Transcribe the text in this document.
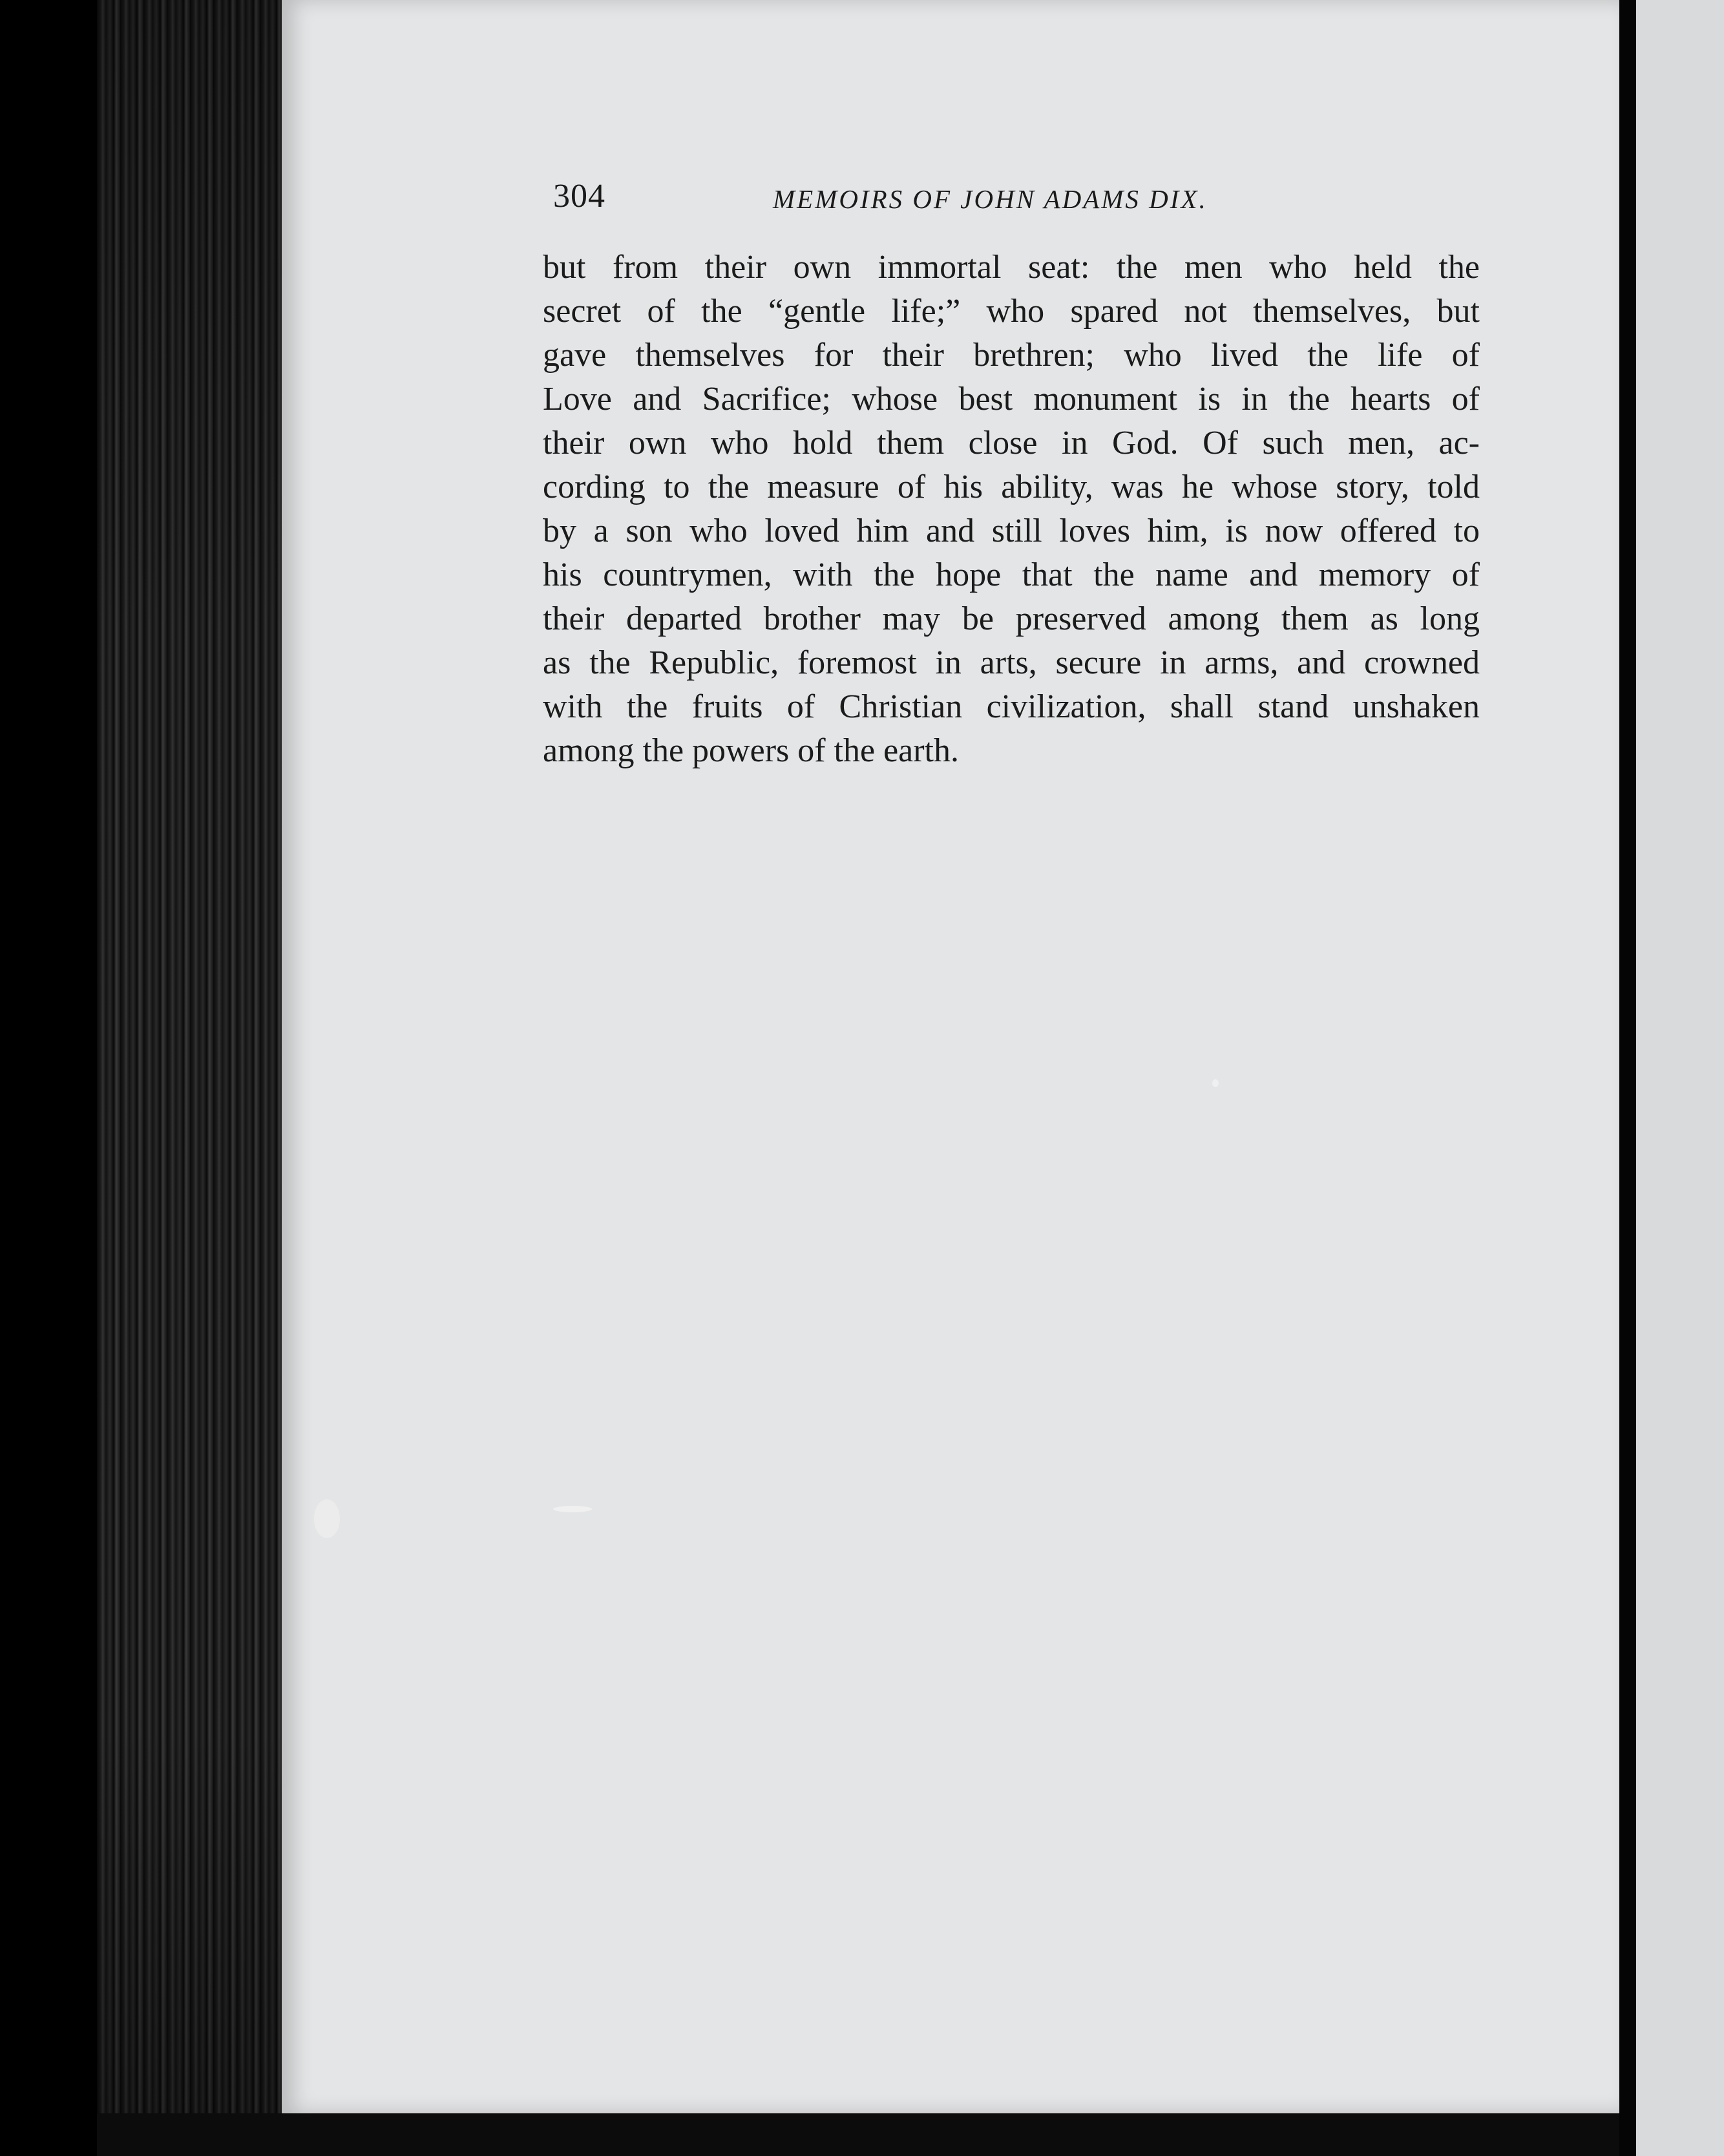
304	MEMOIRS OF JOHN ADAMS DIX.
but from their own immortal seat: the men who held the
secret of the “gentle life;” who spared not themselves, but
gave themselves for their brethren; who lived the life of
Love and Sacrifice; whose best monument is in the hearts of
their own who hold them close in God. Of such men, ac-
cording to the measure of his ability, was he whose story, told
by a son who loved him and still loves him, is now offered to
his countrymen, with the hope that the name and memory of
their departed brother may be preserved among them as long
as the Republic, foremost in arts, secure in arms, and crowned
with the fruits of Christian civilization, shall stand unshaken
among the powers of the earth.
